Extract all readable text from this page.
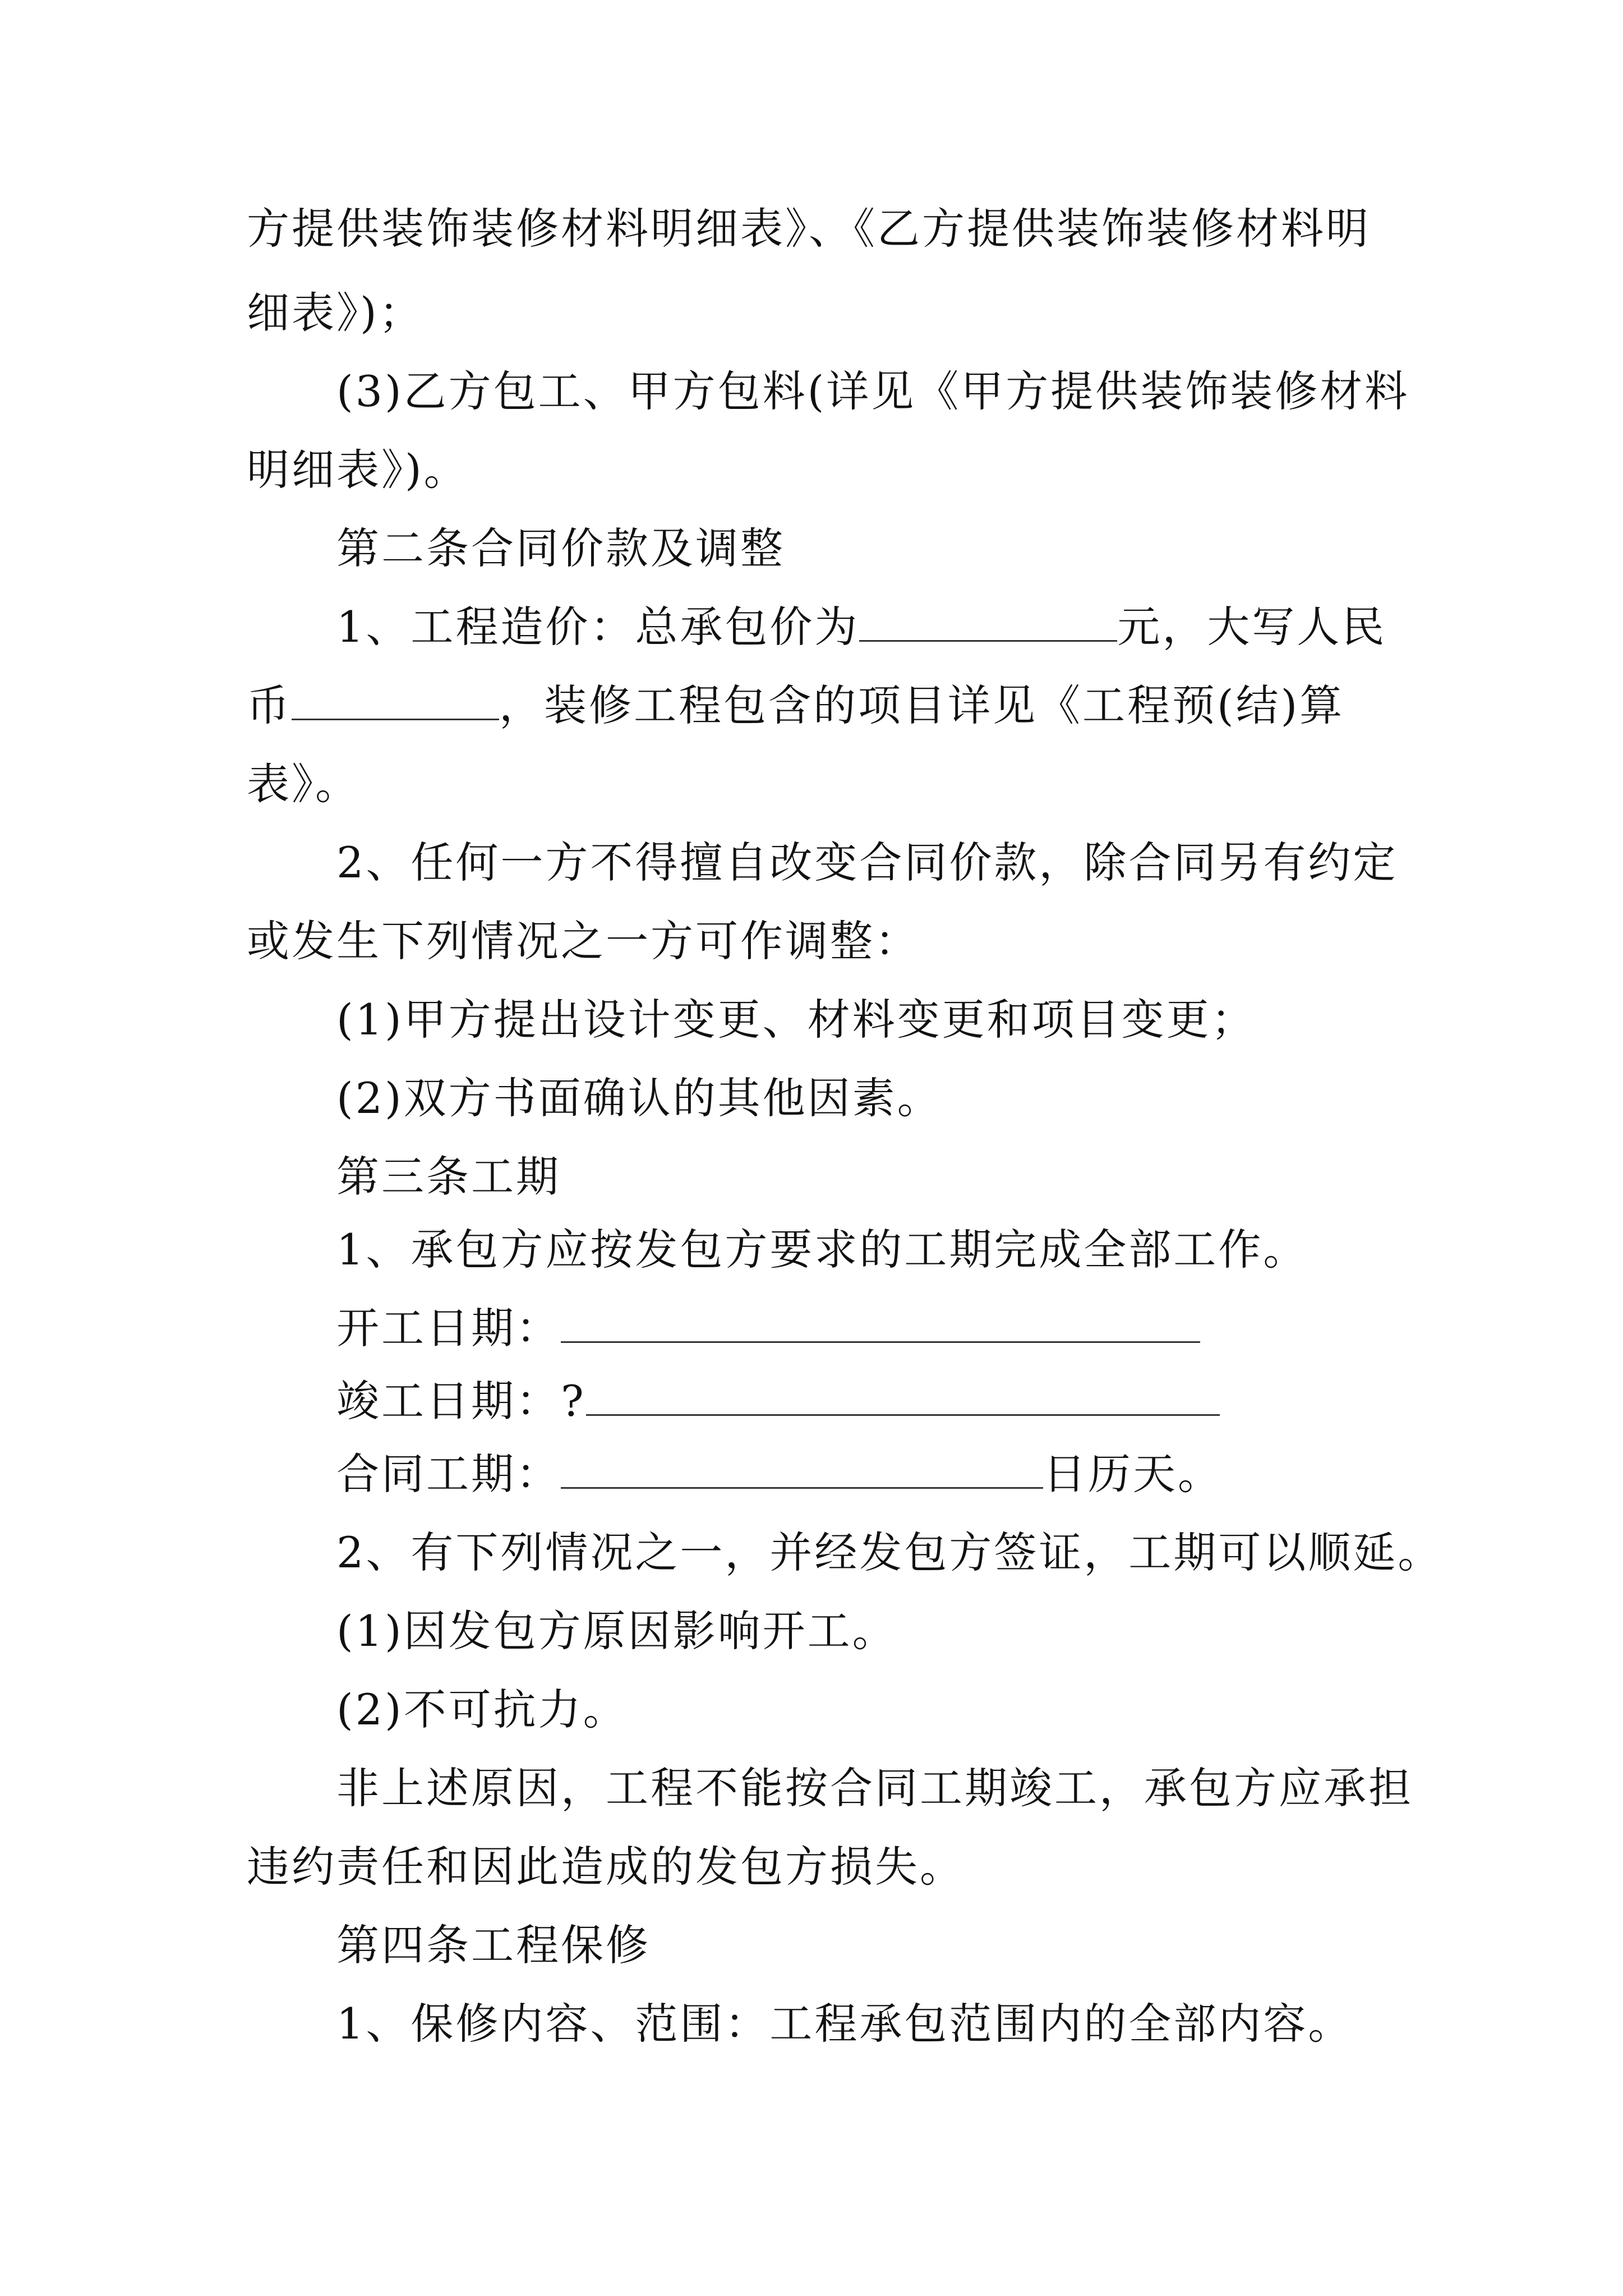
方提供装饰装修材料明细表》、《乙方提供装饰装修材料明
细表》)；
(3)乙方包工、甲方包料(详见《甲方提供装饰装修材料
明细表》)。
第二条合同价款及调整
1、工程造价：总承包价为	元，大写人民
币	，装修工程包含的项目详见《工程预(结)算
表》。
2、任何一方不得擅自改变合同价款，除合同另有约定
或发生下列情况之一方可作调整：
(1)甲方提出设计变更、材料变更和项目变更；
(2)双方书面确认的其他因素。
第三条工期
1、承包方应按发包方要求的工期完成全部工作。
开工日期：
竣工日期：?
合同工期：	日历天。
2、有下列情况之一，并经发包方签证，工期可以顺延。
(1)因发包方原因影响开工。
(2)不可抗力。
非上述原因，工程不能按合同工期竣工，承包方应承担
违约责任和因此造成的发包方损失。
第四条工程保修
1、保修内容、范围：工程承包范围内的全部内容。
